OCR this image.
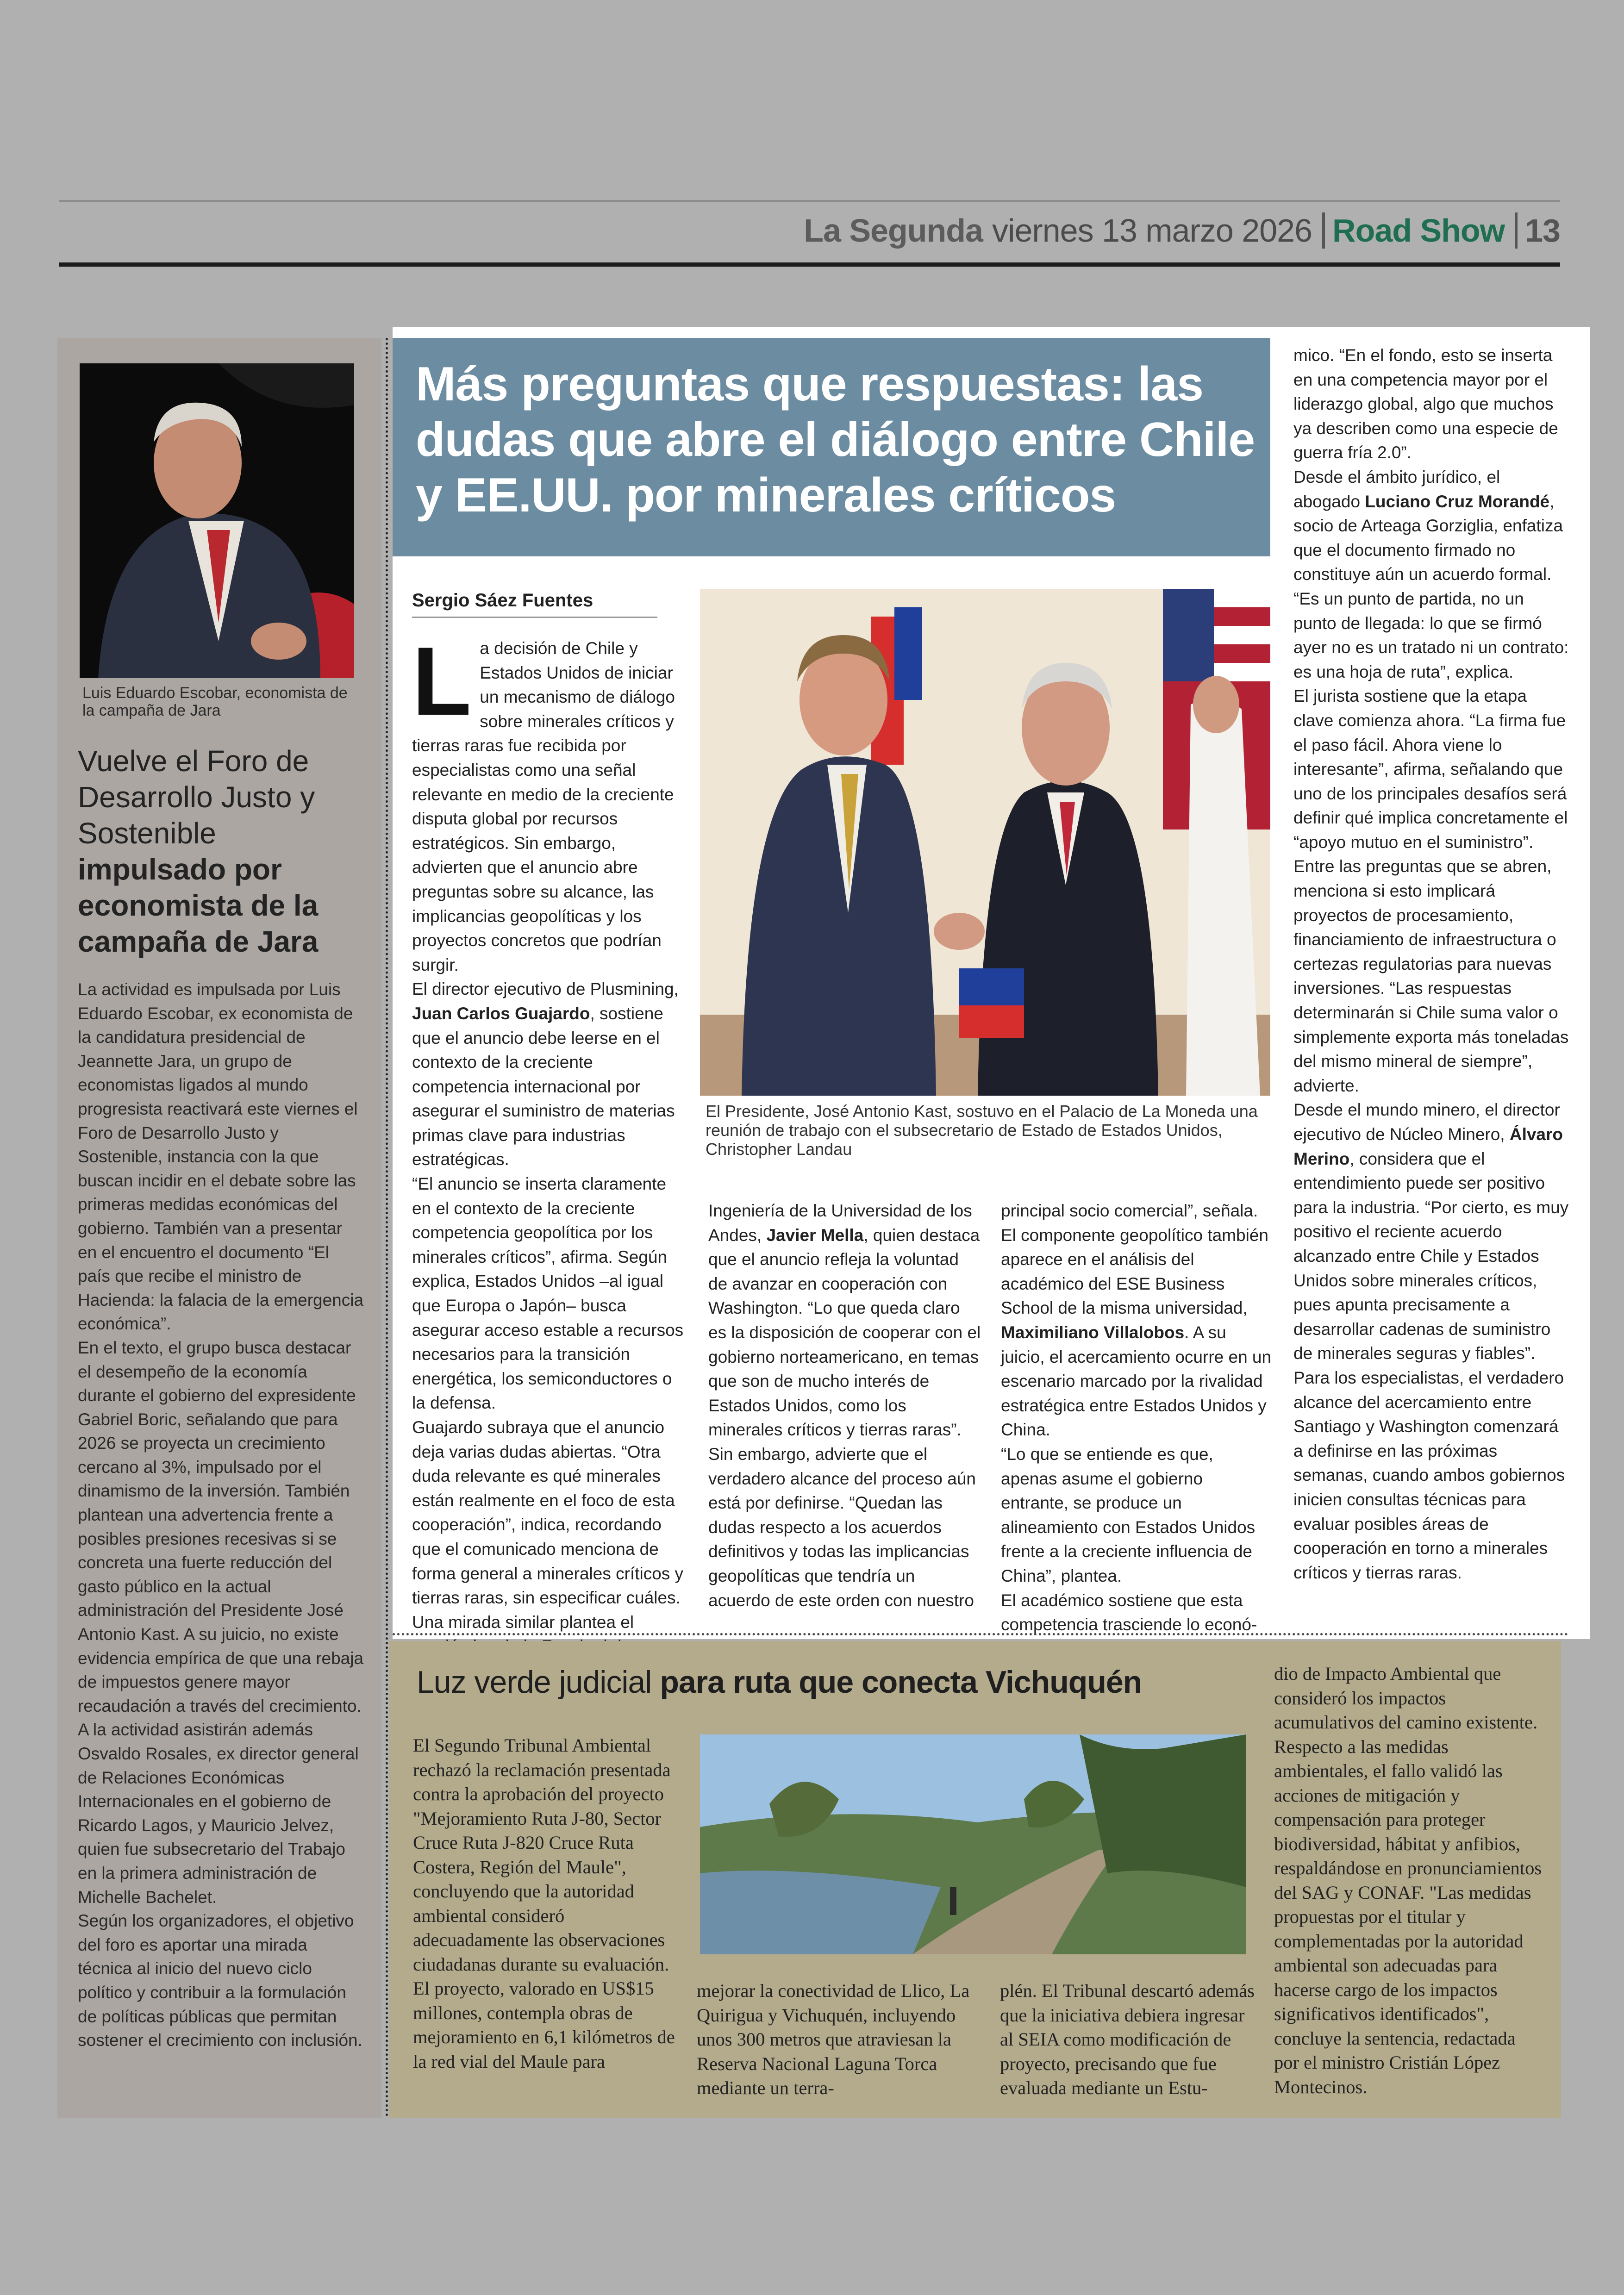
La Segunda viernes 13 marzo 2026 Road Show 13
Luis Eduardo Escobar, economista de la campaña de Jara
Vuelve el Foro de Desarrollo Justo y Sostenible
impulsado por economista de la campaña de Jara

La actividad es impulsada por Luis Eduardo Escobar, ex economista de la candidatura presidencial de Jeannette Jara, un grupo de economistas ligados al mundo progresista reactivará este viernes el Foro de Desarrollo Justo y Sostenible, instancia con la que buscan incidir en el debate sobre las primeras medidas económicas del gobierno. También van a presentar en el encuentro el documento “El país que recibe el ministro de Hacienda: la falacia de la emergencia económica”.

En el texto, el grupo busca destacar el desempeño de la economía durante el gobierno del expresidente Gabriel Boric, señalando que para 2026 se proyecta un crecimiento cercano al 3%, impulsado por el dinamismo de la inversión. También plantean una advertencia frente a posibles presiones recesivas si se concreta una fuerte reducción del gasto público en la actual administración del Presidente José Antonio Kast. A su juicio, no existe evidencia empírica de que una rebaja de impuestos genere mayor recaudación a través del crecimiento.

A la actividad asistirán además Osvaldo Rosales, ex director general de Relaciones Económicas Internacionales en el gobierno de Ricardo Lagos, y Mauricio Jelvez, quien fue subsecretario del Trabajo en la primera administración de Michelle Bachelet.

Según los organizadores, el objetivo del foro es aportar una mirada técnica al inicio del nuevo ciclo político y contribuir a la formulación de políticas públicas que permitan sostener el crecimiento con inclusión.

Más preguntas que respuestas: las dudas que abre el diálogo entre Chile y EE.UU. por minerales críticos
Sergio Sáez Fuentes
L a decisión de Chile y Estados Unidos de iniciar un mecanismo de diálogo sobre minerales críticos y tierras raras fue recibida por especialistas como una señal relevante en medio de la creciente disputa global por recursos estratégicos. Sin embargo, advierten que el anuncio abre preguntas sobre su alcance, las implicancias geopolíticas y los proyectos concretos que podrían surgir.

El director ejecutivo de Plusmining, Juan Carlos Guajardo, sostiene que el anuncio debe leerse en el contexto de la creciente competencia internacional por asegurar el suministro de materias primas clave para industrias estratégicas.

“El anuncio se inserta claramente en el contexto de la creciente competencia geopolítica por los minerales críticos”, afirma. Según explica, Estados Unidos –al igual que Europa o Japón– busca asegurar acceso estable a recursos necesarios para la transición energética, los semiconductores o la defensa.

Guajardo subraya que el anuncio deja varias dudas abiertas. “Otra duda relevante es qué minerales están realmente en el foco de esta cooperación”, indica, recordando que el comunicado menciona de forma general a minerales críticos y tierras raras, sin especificar cuáles.

Una mirada similar plantea el

El Presidente, José Antonio Kast, sostuvo en el Palacio de La Moneda una reunión de trabajo con el subsecretario de Estado de Estados Unidos, Christopher Landau

Ingeniería de la Universidad de los Andes, Javier Mella, quien destaca que el anuncio refleja la voluntad de avanzar en cooperación con Washington. “Lo que queda claro es la disposición de cooperar con el gobierno norteamericano, en temas que son de mucho interés de Estados Unidos, como los minerales críticos y tierras raras”.

Sin embargo, advierte que el verdadero alcance del proceso aún está por definirse. “Quedan las dudas respecto a los acuerdos definitivos y todas las implicancias geopolíticas que tendría un acuerdo de este orden con nuestro

principal socio comercial”, señala.

El componente geopolítico también aparece en el análisis del académico del ESE Business School de la misma universidad, Maximiliano Villalobos. A su juicio, el acercamiento ocurre en un escenario marcado por la rivalidad estratégica entre Estados Unidos y China.

“Lo que se entiende es que, apenas asume el gobierno entrante, se produce un alineamiento con Estados Unidos frente a la creciente influencia de China”, plantea.

El académico sostiene que esta competencia trasciende lo econó-

mico. “En el fondo, esto se inserta en una competencia mayor por el liderazgo global, algo que muchos ya describen como una especie de guerra fría 2.0”.

Desde el ámbito jurídico, el abogado Luciano Cruz Morandé, socio de Arteaga Gorziglia, enfatiza que el documento firmado no constituye aún un acuerdo formal. “Es un punto de partida, no un punto de llegada: lo que se firmó ayer no es un tratado ni un contrato: es una hoja de ruta”, explica.

El jurista sostiene que la etapa clave comienza ahora. “La firma fue el paso fácil. Ahora viene lo interesante”, afirma, señalando que uno de los principales desafíos será definir qué implica concretamente el “apoyo mutuo en el suministro”.

Entre las preguntas que se abren, menciona si esto implicará proyectos de procesamiento, financiamiento de infraestructura o certezas regulatorias para nuevas inversiones. “Las respuestas determinarán si Chile suma valor o simplemente exporta más toneladas del mismo mineral de siempre”, advierte.

Desde el mundo minero, el director ejecutivo de Núcleo Minero, Álvaro Merino, considera que el entendimiento puede ser positivo para la industria. “Por cierto, es muy positivo el reciente acuerdo alcanzado entre Chile y Estados Unidos sobre minerales críticos, pues apunta precisamente a desarrollar cadenas de suministro de minerales seguras y fiables”.

Para los especialistas, el verdadero alcance del acercamiento entre Santiago y Washington comenzará a definirse en las próximas semanas, cuando ambos gobiernos inicien consultas técnicas para evaluar posibles áreas de cooperación en torno a minerales críticos y tierras raras.

Luz verde judicial para ruta que conecta Vichuquén

El Segundo Tribunal Ambiental rechazó la reclamación presentada contra la aprobación del proyecto "Mejoramiento Ruta J-80, Sector Cruce Ruta J-820 Cruce Ruta Costera, Región del Maule", concluyendo que la autoridad ambiental consideró adecuadamente las observaciones ciudadanas durante su evaluación.

El proyecto, valorado en US$15 millones, contempla obras de mejoramiento en 6,1 kilómetros de la red vial del Maule para

mejorar la conectividad de Llico, La Quiriguа y Vichuquén, incluyendo unos 300 metros que atraviesan la Reserva Nacional Laguna Torca mediante un terra-
plén. El Tribunal descartó además que la iniciativa debiera ingresar al SEIA como modificación de proyecto, precisando que fue evaluada mediante un Estu-

dio de Impacto Ambiental que consideró los impactos acumulativos del camino existente.

Respecto a las medidas ambientales, el fallo validó las acciones de mitigación y compensación para proteger biodiversidad, hábitat y anfibios, respaldándose en pronunciamientos del SAG y CONAF. "Las medidas propuestas por el titular y complementadas por la autoridad ambiental son adecuadas para hacerse cargo de los impactos significativos identificados", concluye la sentencia, redactada por el ministro Cristián López Montecinos.
